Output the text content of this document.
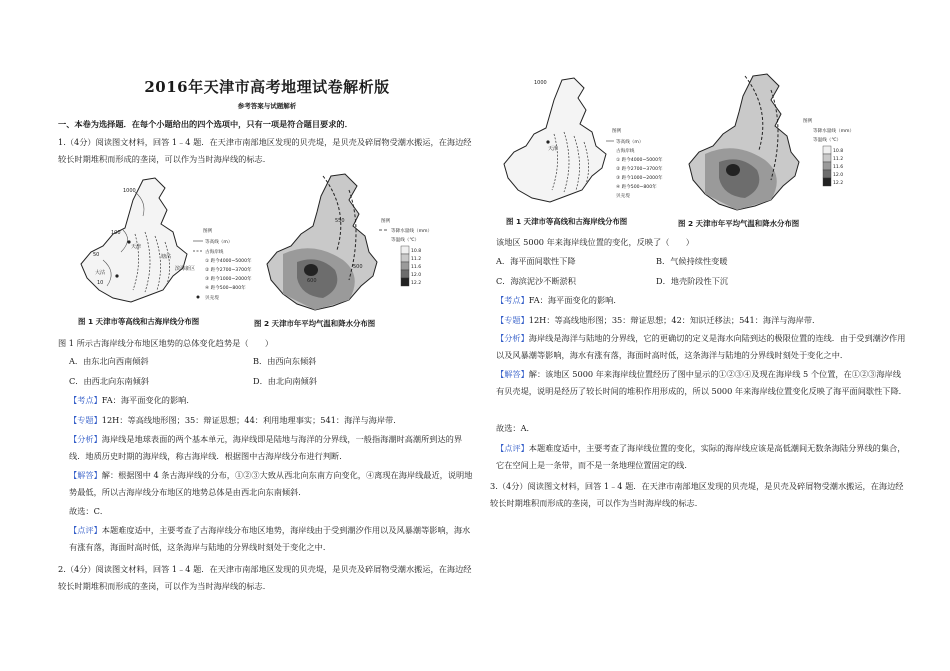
2016年天津市高考地理试卷解析版
参考答案与试题解析
一、本卷为选择题．在每个小题给出的四个选项中，只有一项是符合题目要求的．
1.（4分）阅读图文材料，回答 1﹣4 题．在天津市南部地区发现的贝壳堤，是贝壳及碎屑物受潮水搬运，在海边经较长时期堆积而形成的垄岗，可以作为当时海岸线的标志．
1000
100
50
10
天津
大沽
塘沽
滨海新区
图例
等高线（m）
古海岸线
① 距今4000~5000年
② 距今2700~3700年
③ 距今1000~2000年
④ 距今500~800年
贝壳堤
600
550
500
图例
等降水量线（mm）
等温线（℃）
10.8
11.2
11.6
12.0
12.2
图 1 天津市等高线和古海岸线分布图	图 2 天津市年平均气温和降水分布图
图 1 所示古海岸线分布地区地势的总体变化趋势是（　　）
A．由东北向西南倾斜	B．由西向东倾斜
C．由西北向东南倾斜	D．由北向南倾斜
【考点】FA：海平面变化的影响．
【专题】12H：等高线地形图；35：辩证思想；44：利用地理事实；541：海洋与海岸带．
【分析】海岸线是地球表面的两个基本单元，海岸线即是陆地与海洋的分界线，一般指海潮时高潮所到达的界线．地质历史时期的海岸线，称古海岸线．根据图中古海岸线分布进行判断．
【解答】解：根据图中 4 条古海岸线的分布，①②③大致从西北向东南方向变化，④离现在海岸线最近，说明地势最低，所以古海岸线分布地区的地势总体是由西北向东南倾斜．
故选：C．
【点评】本题难度适中，主要考查了古海岸线分布地区地势，海岸线由于受到潮汐作用以及风暴潮等影响，海水有涨有落，海面时高时低，这条海岸与陆地的分界线时刻处于变化之中．
2.（4分）阅读图文材料，回答 1﹣4 题．在天津市南部地区发现的贝壳堤，是贝壳及碎屑物受潮水搬运，在海边经较长时期堆积而形成的垄岗，可以作为当时海岸线的标志．
1000
天津
图例
等高线（m）
古海岸线
① 距今4000~5000年
② 距今2700~3700年
③ 距今1000~2000年
④ 距今500~800年
贝壳堤
图例
等降水量线（mm）
等温线（℃）
10.8
11.2
11.6
12.0
12.2
图 1 天津市等高线和古海岸线分布图	图 2 天津市年平均气温和降水分布图
该地区 5000 年来海岸线位置的变化，反映了（　　）
A．海平面间歇性下降	B．气候持续性变暖
C．海滨泥沙不断淤积	D．地壳阶段性下沉
【考点】FA：海平面变化的影响．
【专题】12H：等高线地形图；35：辩证思想；42：知识迁移法；541：海洋与海岸带．
【分析】海岸线是海洋与陆地的分界线，它的更确切的定义是海水向陆到达的极限位置的连线．由于受到潮汐作用以及风暴潮等影响，海水有涨有落，海面时高时低，这条海洋与陆地的分界线时刻处于变化之中．
【解答】解：该地区 5000 年来海岸线位置经历了图中显示的①②③④及现在海岸线 5 个位置，在①②③海岸线有贝壳堤，说明是经历了较长时间的堆积作用形成的，所以 5000 年来海岸线位置变化反映了海平面间歇性下降．
故选：A．
【点评】本题难度适中，主要考查了海岸线位置的变化，实际的海岸线应该是高低潮间无数条海陆分界线的集合，它在空间上是一条带，而不是一条地理位置固定的线．
3.（4分）阅读图文材料，回答 1﹣4 题．在天津市南部地区发现的贝壳堤，是贝壳及碎屑物受潮水搬运，在海边经较长时期堆积而形成的垄岗，可以作为当时海岸线的标志．
